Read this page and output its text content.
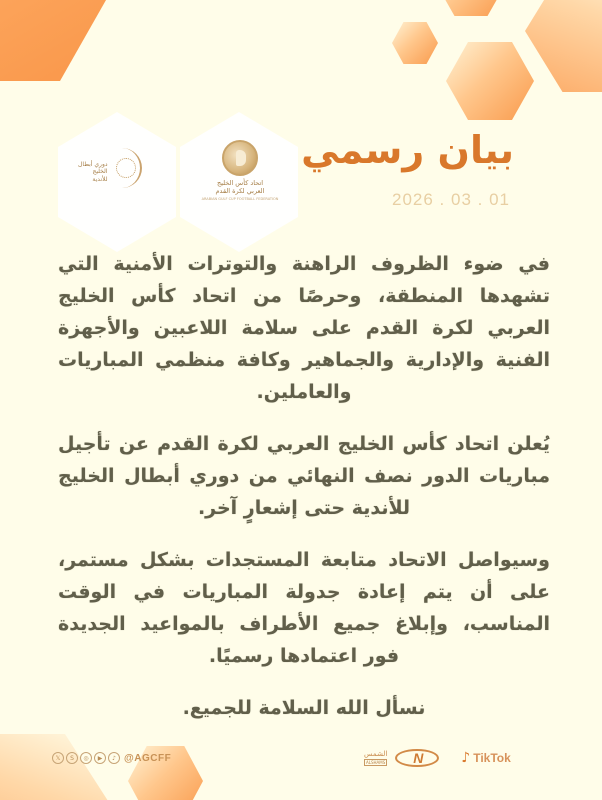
اتحاد كأس الخليج
العربي لكرة القدم
ARABIAN GULF CUP FOOTBALL FEDERATION
دوري أبطال
الخليج
للأندية
بيان رسمي
2026 . 03 . 01

في ضوء الظروف الراهنة والتوترات الأمنية التي تشهدها المنطقة، وحرصًا من اتحاد كأس الخليج العربي لكرة القدم على سلامة اللاعبين والأجهزة الفنية والإدارية والجماهير وكافة منظمي المباريات والعاملين.

يُعلن اتحاد كأس الخليج العربي لكرة القدم عن تأجيل مباريات الدور نصف النهائي من دوري أبطال الخليج للأندية حتى إشعارٍ آخر.

وسيواصل الاتحاد متابعة المستجدات بشكل مستمر، على أن يتم إعادة جدولة المباريات في الوقت المناسب، وإبلاغ جميع الأطراف بالمواعيد الجديدة فور اعتمادها رسميًا.

نسأل الله السلامة للجميع.

𝕏	S	◎	▶	♪ @AGCFF	الشمس
ALSHAMS	N	♪ TikTok
